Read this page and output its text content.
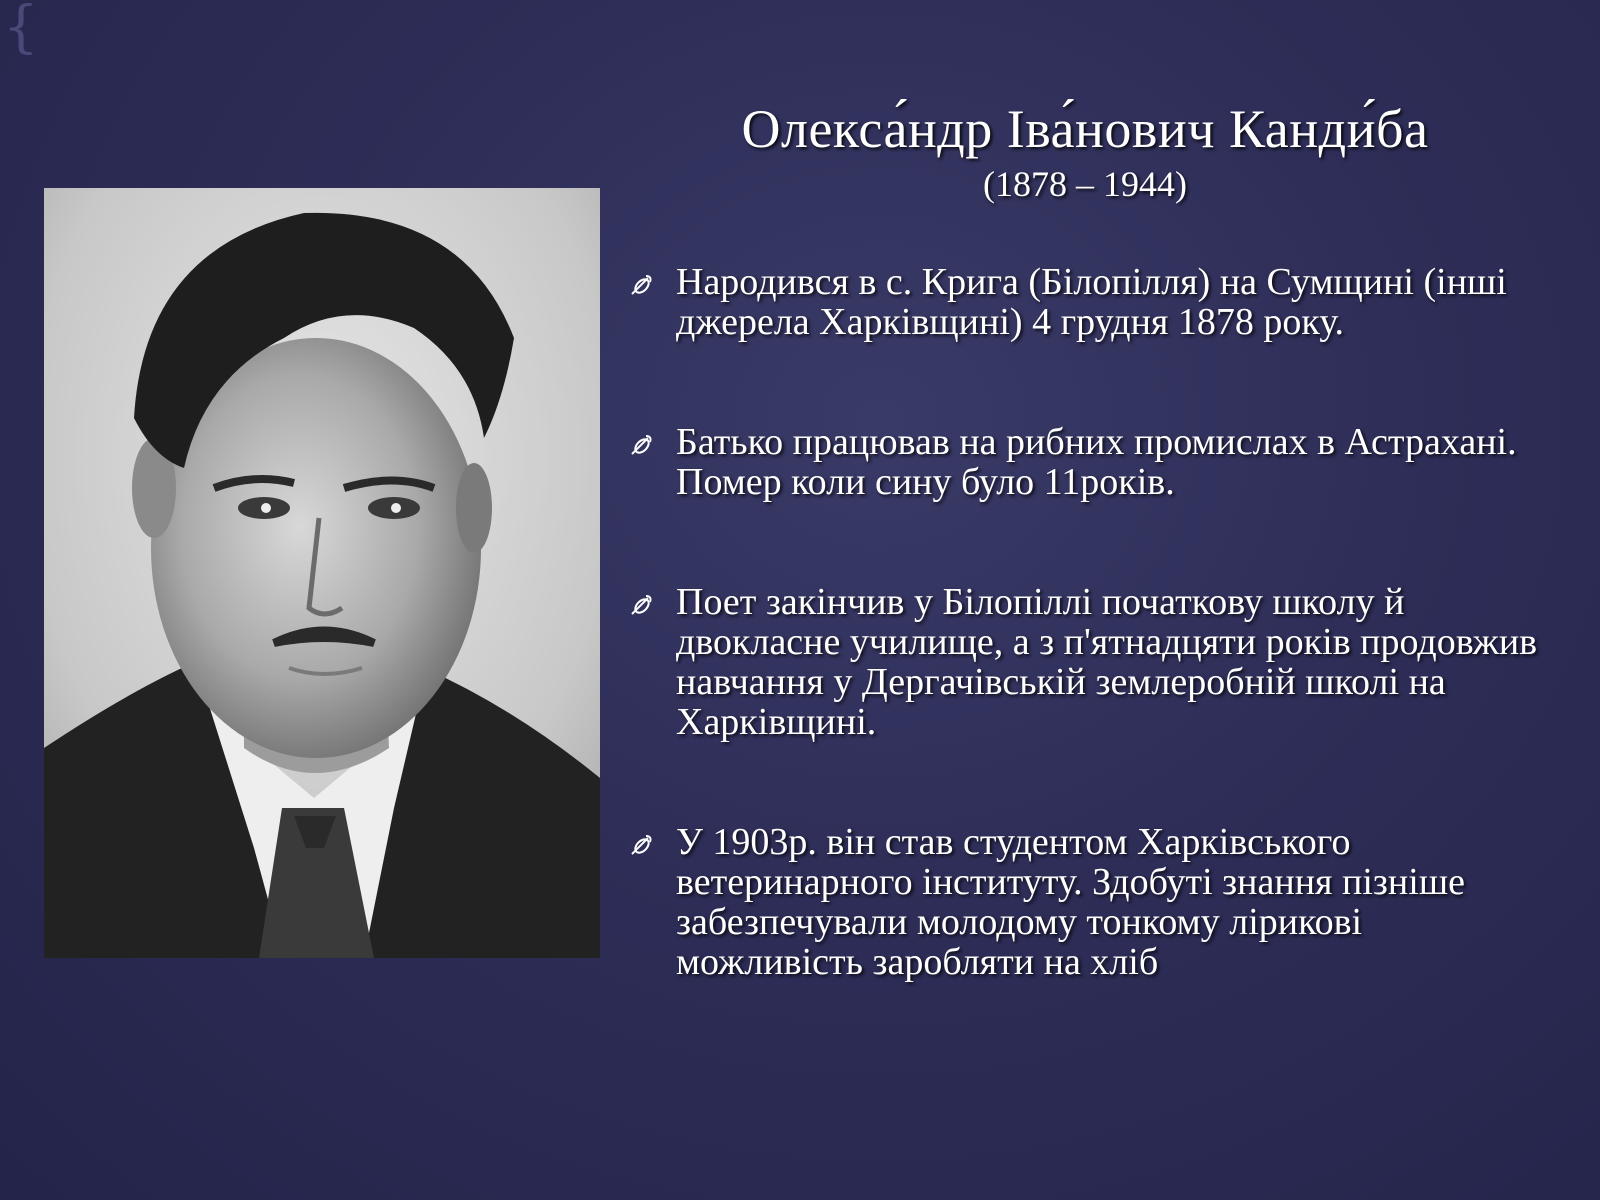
{
Олекса́ндр Іва́нович Канди́ба
(1878 – 1944)
Народився в с. Крига (Білопілля) на Сумщині (інші джерела Харківщині) 4 грудня 1878 року.
Батько працював на рибних промислах в Астрахані. Помер коли сину було 11років.
Поет закінчив у Білопіллі початкову школу й двокласне училище, а з п'ятнадцяти років продовжив навчання у Дергачівській землеробній школі на Харківщині.
У 1903р. він став студентом Харківського ветеринарного інституту. Здобуті знання пізніше забезпечували молодому тонкому лірикові можливість заробляти на хліб
